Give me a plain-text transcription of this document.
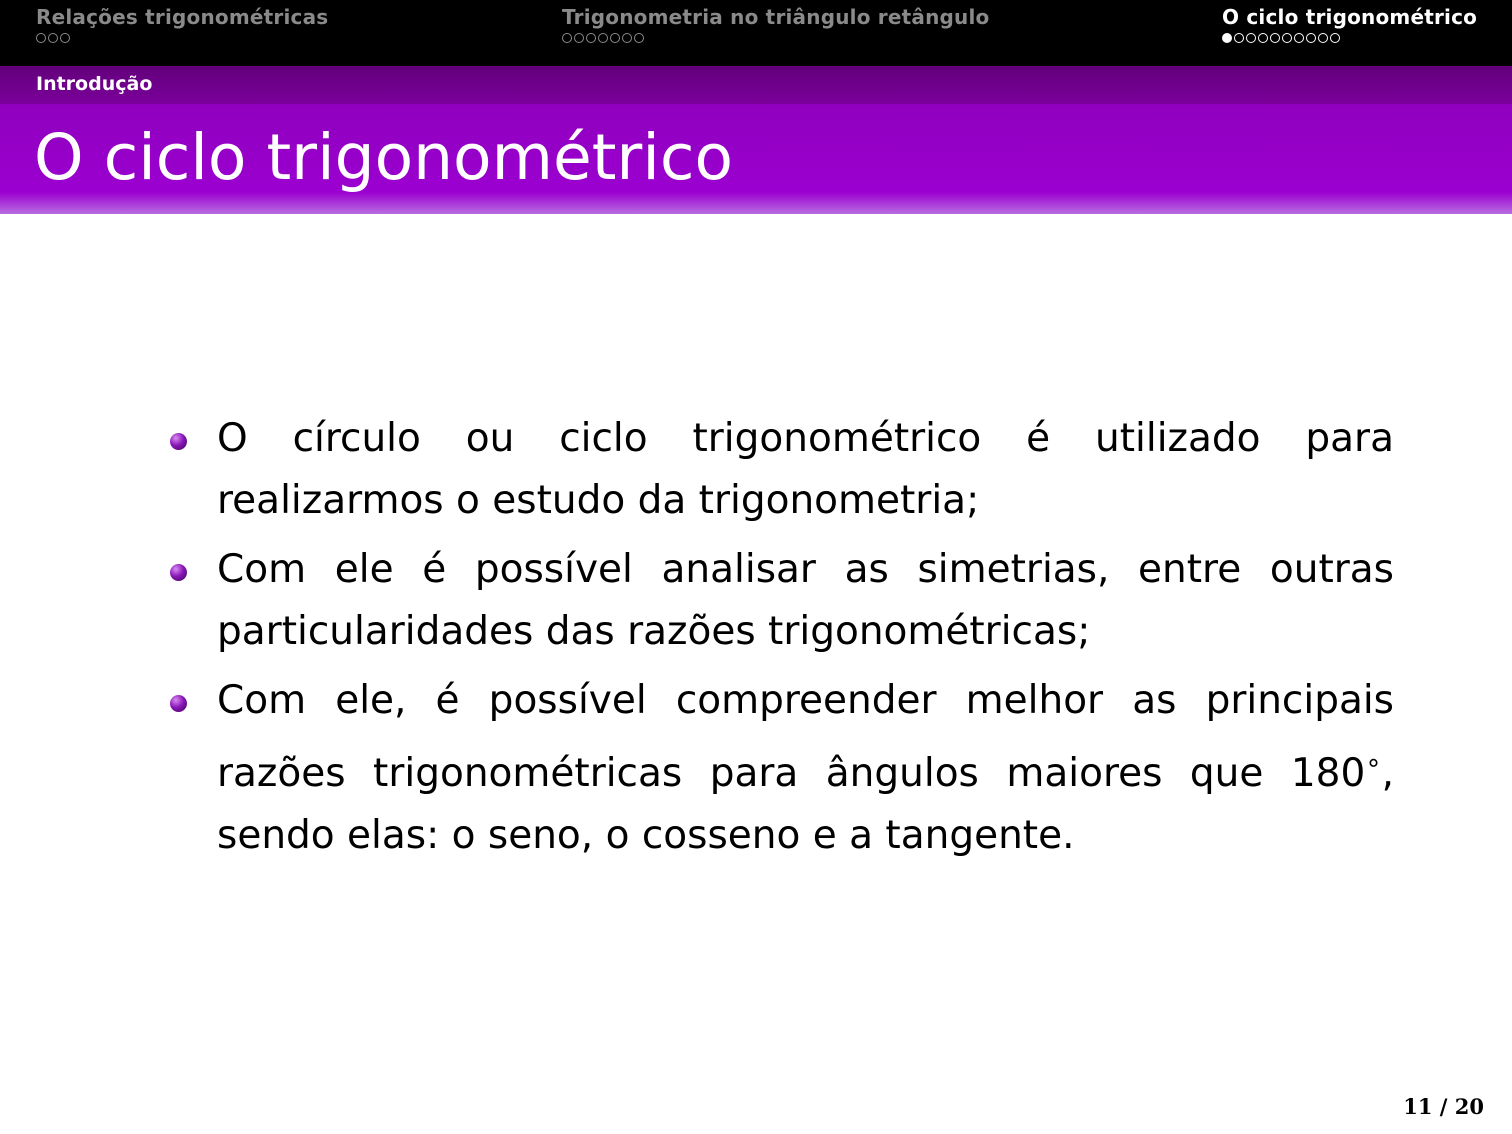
Relações trigonométricas	Trigonometria no triângulo retângulo	O ciclo trigonométrico
Introdução
O ciclo trigonométrico
O círculo ou ciclo trigonométrico é utilizado para realizarmos o estudo da trigonometria;
Com ele é possível analisar as simetrias, entre outras particularidades das razões trigonométricas;
Com ele, é possível compreender melhor as principais razões trigonométricas para ângulos maiores que 180∘, sendo elas: o seno, o cosseno e a tangente.
11 / 20
